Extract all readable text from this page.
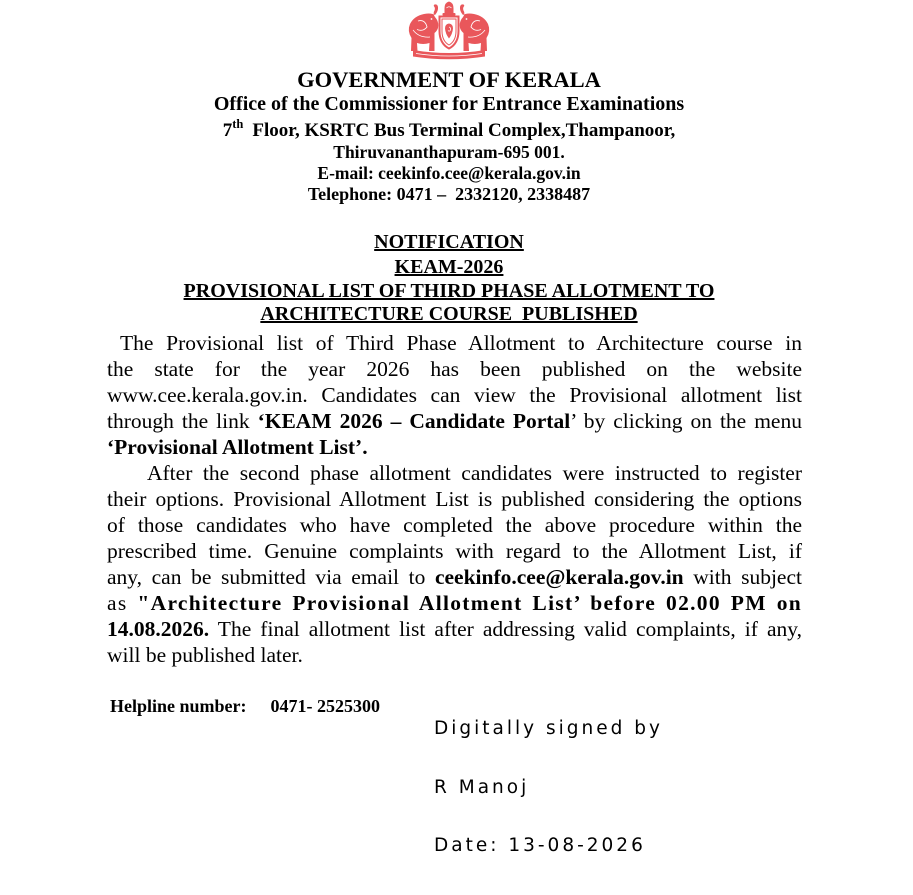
GOVERNMENT OF KERALA
Office of the Commissioner for Entrance Examinations
7th Floor, KSRTC Bus Terminal Complex,Thampanoor,
Thiruvananthapuram-695 001.
E-mail: ceekinfo.cee@kerala.gov.in
Telephone: 0471 –  2332120, 2338487
NOTIFICATION
KEAM-2026
PROVISIONAL LIST OF THIRD PHASE ALLOTMENT TO
ARCHITECTURE COURSE  PUBLISHED
The Provisional list of Third Phase Allotment to Architecture course in
the state for the year 2026 has been published on the website
www.cee.kerala.gov.in. Candidates can view the Provisional allotment list
through the link ‘KEAM 2026 – Candidate Portal’ by clicking on the menu
‘Provisional Allotment List’.
After the second phase allotment candidates were instructed to register
their options. Provisional Allotment List is published considering the options
of those candidates who have completed the above procedure within the
prescribed time. Genuine complaints with regard to the Allotment List, if
any, can be submitted via email to ceekinfo.cee@kerala.gov.in with subject
as "Architecture Provisional Allotment List’ before 02.00 PM on
14.08.2026. The final allotment list after addressing valid complaints, if any,
will be published later.
Helpline number: 0471- 2525300

Digitally signed by

R Manoj

Date: 13-08-2026
